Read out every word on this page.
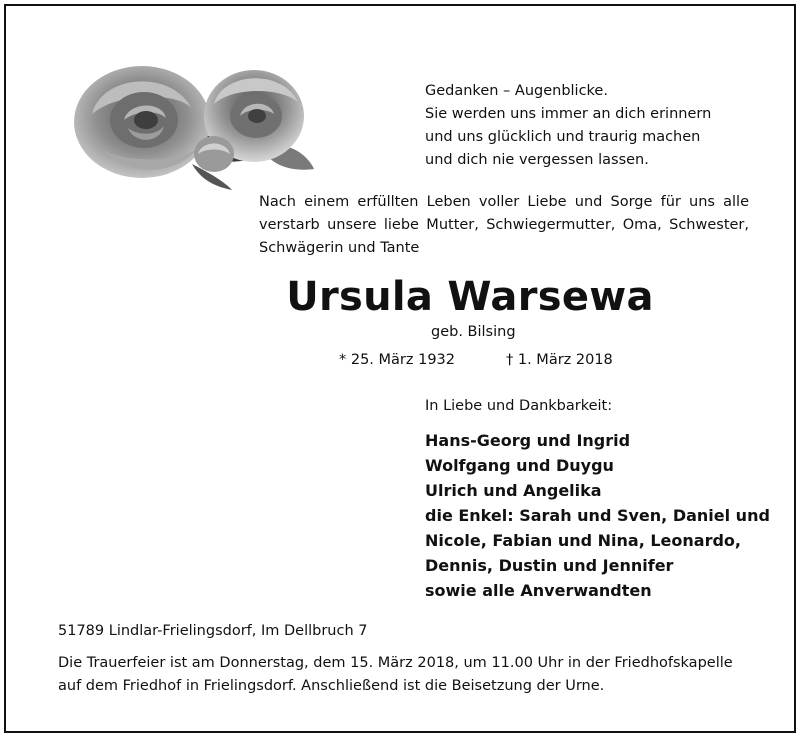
Gedanken – Augenblicke.
Sie werden uns immer an dich erinnern
und uns glücklich und traurig machen
und dich nie vergessen lassen.
Nach einem erfüllten Leben voller Liebe und Sorge für uns alle
verstarb unsere liebe Mutter, Schwiegermutter, Oma, Schwester,
Schwägerin und Tante
Ursula Warsewa
geb. Bilsing
* 25. März 1932	† 1. März 2018
In Liebe und Dankbarkeit:
Hans-Georg und Ingrid
Wolfgang und Duygu
Ulrich und Angelika
die Enkel: Sarah und Sven, Daniel und
Nicole, Fabian und Nina, Leonardo,
Dennis, Dustin und Jennifer
sowie alle Anverwandten
51789 Lindlar-Frielingsdorf, Im Dellbruch 7
Die Trauerfeier ist am Donnerstag, dem 15. März 2018, um 11.00 Uhr in der Friedhofskapelle
auf dem Friedhof in Frielingsdorf. Anschließend ist die Beisetzung der Urne.
